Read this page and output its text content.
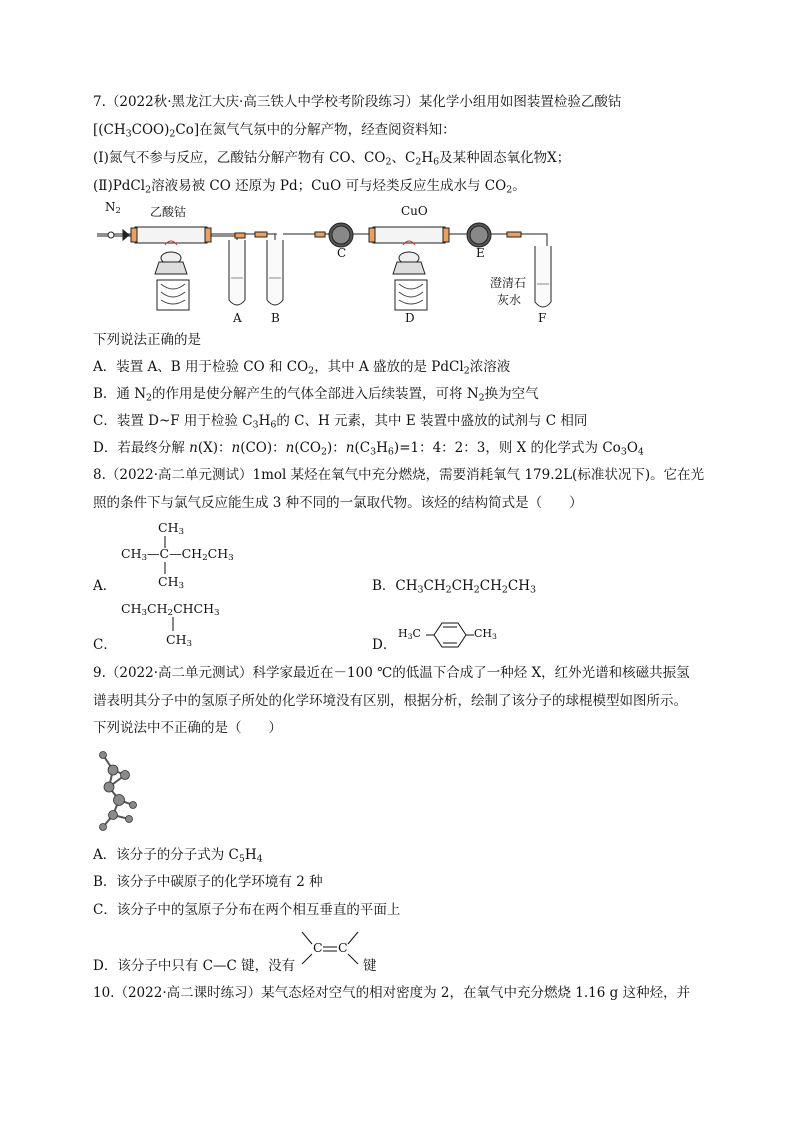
7.（2022秋·黑龙江大庆·高三铁人中学校考阶段练习）某化学小组用如图装置检验乙酸钴
$[(CH_3COO)_2Co]$在氮气气氛中的分解产物，经查阅资料知：
(Ⅰ)氮气不参与反应，乙酸钴分解产物有 CO、$CO_2$、$C_2H_6$及某种固态氧化物X；
(Ⅱ)PdCl$_2$溶液易被 CO 还原为 Pd；CuO 可与烃类反应生成水与 $CO_2$。
$N_2$ 乙酸钴	CuO
澄清石
灰水
A B
C
D
E
F
下列说法正确的是
A．装置 A、B 用于检验 CO 和 $CO_2$，其中 A 盛放的是 PdCl$_2$浓溶液
B．通 $N_2$的作用是使分解产生的气体全部进入后续装置，可将 $N_2$换为空气
C．装置 D~F 用于检验 $C_3H_6$的 C、H 元素，其中 E 装置中盛放的试剂与 C 相同
D．若最终分解 n(X)：n(CO)：$n(CO_2)$：$n(C_3H_6)=1$：4：2：3，则 X 的化学式为 $Co_3O_4$
8.（2022·高二单元测试）1mol 某烃在氧气中充分燃烧，需要消耗氧气 179.2L(标准状况下)。它在光
照的条件下与氯气反应能生成 3 种不同的一氯取代物。该烃的结构简式是（　　）
$CH_3$
$CH_3—C—CH_2CH_3$
$CH_3$
A．	B．$CH_3CH_2CH_2CH_2CH_3$
$CH_3CH_2CHCH_3$
$CH_3$
C．	D．
$H_3C$	$CH_3$
9.（2022·高二单元测试）科学家最近在－100 ℃的低温下合成了一种烃 X，红外光谱和核磁共振氢
谱表明其分子中的氢原子所处的化学环境没有区别，根据分析，绘制了该分子的球棍模型如图所示。
下列说法中不正确的是（　　）
A．该分子的分子式为 $C_5H_4$
B．该分子中碳原子的化学环境有 2 种
C．该分子中的氢原子分布在两个相互垂直的平面上
C C
D．该分子中只有 C—C 键，没有	键
10.（2022·高二课时练习）某气态烃对空气的相对密度为 2，在氧气中充分燃烧 1.16 g 这种烃，并
